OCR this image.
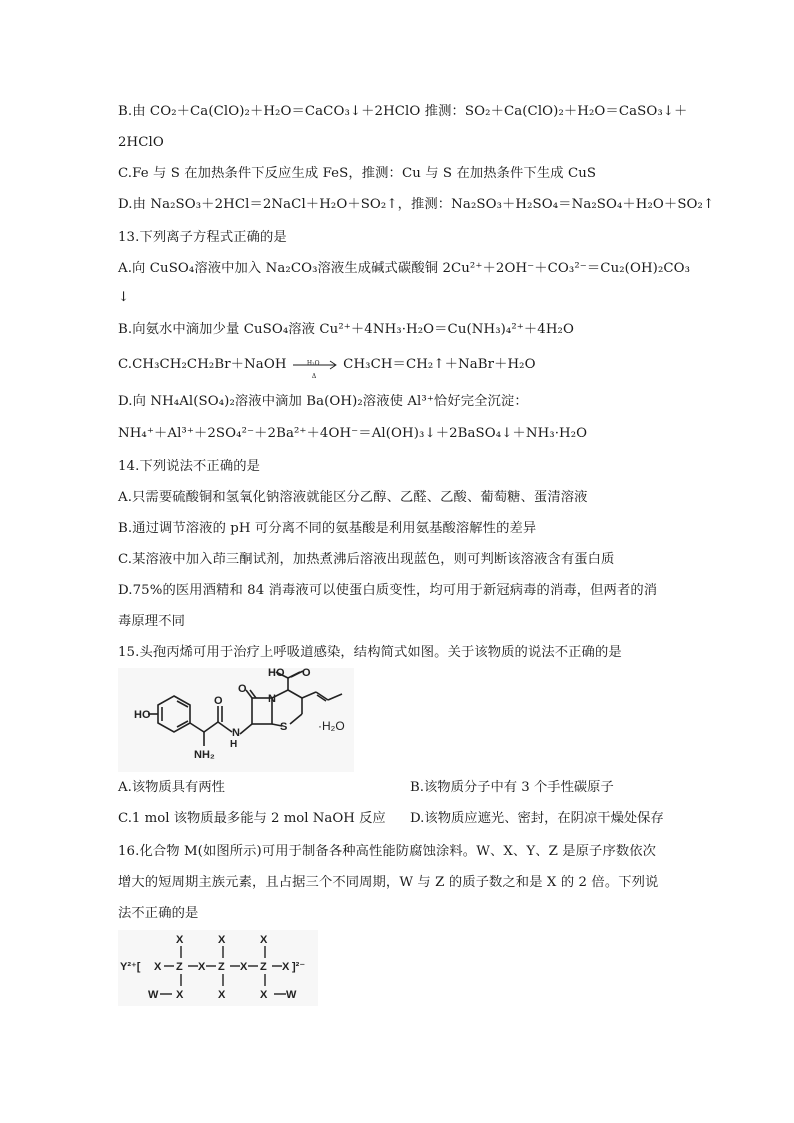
B.由 CO₂＋Ca(ClO)₂＋H₂O＝CaCO₃↓＋2HClO 推测：SO₂＋Ca(ClO)₂＋H₂O＝CaSO₃↓＋
2HClO
C.Fe 与 S 在加热条件下反应生成 FeS，推测：Cu 与 S 在加热条件下生成 CuS
D.由 Na₂SO₃＋2HCl＝2NaCl＋H₂O＋SO₂↑，推测：Na₂SO₃＋H₂SO₄＝Na₂SO₄＋H₂O＋SO₂↑
13.下列离子方程式正确的是
A.向 CuSO₄溶液中加入 Na₂CO₃溶液生成碱式碳酸铜 2Cu²⁺＋2OH⁻＋CO₃²⁻＝Cu₂(OH)₂CO₃
↓
B.向氨水中滴加少量 CuSO₄溶液 Cu²⁺＋4NH₃·H₂O＝Cu(NH₃)₄²⁺＋4H₂O
C.CH₃CH₂CH₂Br＋NaOH	H₂O
Δ
CH₃CH＝CH₂↑＋NaBr＋H₂O
D.向 NH₄Al(SO₄)₂溶液中滴加 Ba(OH)₂溶液使 Al³⁺恰好完全沉淀：
NH₄⁺＋Al³⁺＋2SO₄²⁻＋2Ba²⁺＋4OH⁻＝Al(OH)₃↓＋2BaSO₄↓＋NH₃·H₂O
14.下列说法不正确的是
A.只需要硫酸铜和氢氧化钠溶液就能区分乙醇、乙醛、乙酸、葡萄糖、蛋清溶液
B.通过调节溶液的 pH 可分离不同的氨基酸是利用氨基酸溶解性的差异
C.某溶液中加入茚三酮试剂，加热煮沸后溶液出现蓝色，则可判断该溶液含有蛋白质
D.75%的医用酒精和 84 消毒液可以使蛋白质变性，均可用于新冠病毒的消毒，但两者的消
毒原理不同
15.头孢丙烯可用于治疗上呼吸道感染，结构简式如图。关于该物质的说法不正确的是
HO
HO O
O
N
S
N
H
NH₂
O
·H₂O
A.该物质具有两性	B.该物质分子中有 3 个手性碳原子
C.1 mol 该物质最多能与 2 mol NaOH 反应 D.该物质应遮光、密封，在阴凉干燥处保存
16.化合物 M(如图所示)可用于制备各种高性能防腐蚀涂料。W、X、Y、Z 是原子序数依次
增大的短周期主族元素，且占据三个不同周期，W 与 Z 的质子数之和是 X 的 2 倍。下列说
法不正确的是
Y²⁺[ X Z X Z X Z X ]²⁻
X	X	X
X	X	X
W	W
